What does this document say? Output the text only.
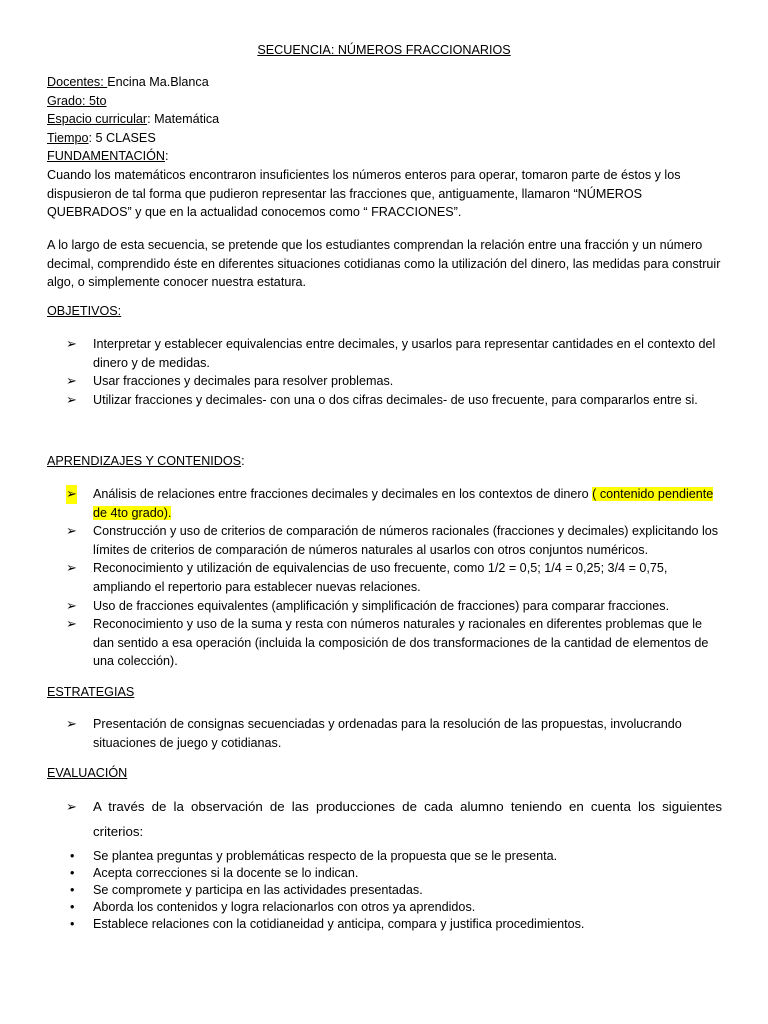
SECUENCIA: NÚMEROS FRACCIONARIOS
Docentes: Encina Ma.Blanca
Grado: 5to
Espacio curricular: Matemática
Tiempo: 5 CLASES
FUNDAMENTACIÓN:

Cuando los matemáticos encontraron insuficientes los números enteros para operar, tomaron parte de éstos y los dispusieron de tal forma que pudieron representar las fracciones que, antiguamente, llamaron “NÚMEROS QUEBRADOS” y que en la actualidad conocemos como “ FRACCIONES”.

A lo largo de esta secuencia, se pretende que los estudiantes comprendan la relación entre una fracción y un número decimal, comprendido éste en diferentes situaciones cotidianas como la utilización del dinero, las medidas para construir algo, o simplemente conocer nuestra estatura.

OBJETIVOS:
➢ Interpretar y establecer equivalencias entre decimales, y usarlos para representar cantidades en el contexto del dinero y de medidas.
➢ Usar fracciones y decimales para resolver problemas.
➢ Utilizar fracciones y decimales- con una o dos cifras decimales- de uso frecuente, para compararlos entre si.
APRENDIZAJES Y CONTENIDOS:
➢ Análisis de relaciones entre fracciones decimales y decimales en los contextos de dinero ( contenido pendiente de 4to grado).
➢ Construcción y uso de criterios de comparación de números racionales (fracciones y decimales) explicitando los límites de criterios de comparación de números naturales al usarlos con otros conjuntos numéricos.
➢ Reconocimiento y utilización de equivalencias de uso frecuente, como 1/2 = 0,5; 1/4 = 0,25; 3/4 = 0,75, ampliando el repertorio para establecer nuevas relaciones.
➢ Uso de fracciones equivalentes (amplificación y simplificación de fracciones) para comparar fracciones.
➢ Reconocimiento y uso de la suma y resta con números naturales y racionales en diferentes problemas que le dan sentido a esa operación (incluida la composición de dos transformaciones de la cantidad de elementos de una colección).
ESTRATEGIAS
➢ Presentación de consignas secuenciadas y ordenadas para la resolución de las propuestas, involucrando situaciones de juego y cotidianas.
EVALUACIÓN
➢	A través de la observación de las producciones de cada alumno teniendo en cuenta los siguientes criterios:
• Se plantea preguntas y problemáticas respecto de la propuesta que se le presenta.
• Acepta correcciones si la docente se lo indican.
• Se compromete y participa en las actividades presentadas.
• Aborda los contenidos y logra relacionarlos con otros ya aprendidos.
• Establece relaciones con la cotidianeidad y anticipa, compara y justifica procedimientos.
